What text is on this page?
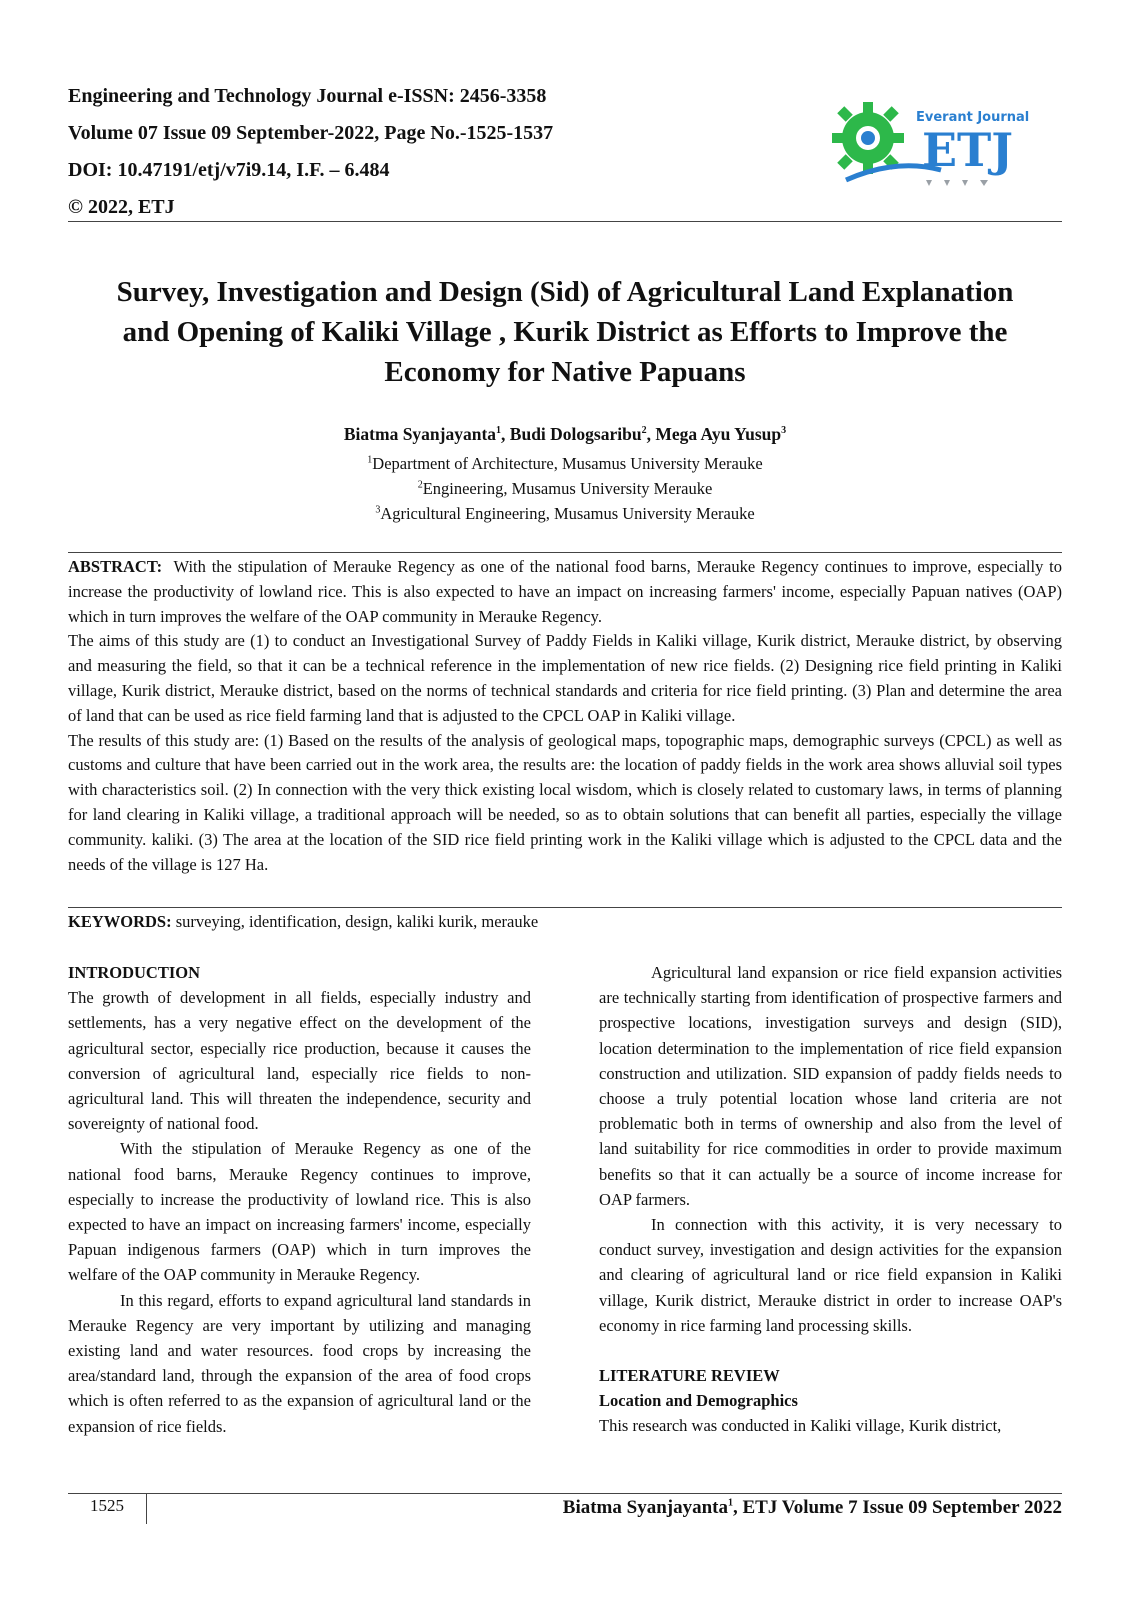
Engineering and Technology Journal e-ISSN: 2456-3358
Volume 07 Issue 09 September-2022, Page No.-1525-1537
DOI: 10.47191/etj/v7i9.14, I.F. – 6.484
© 2022, ETJ
Everant Journal
ETJ
Survey, Investigation and Design (Sid) of Agricultural Land Explanation
and Opening of Kaliki Village , Kurik District as Efforts to Improve the
Economy for Native Papuans
Biatma Syanjayanta$^1$, Budi Dologsaribu$^2$, Mega Ayu Yusup$^3$
$^1$Department of Architecture, Musamus University Merauke
$^2$Engineering, Musamus University Merauke
$^3$Agricultural Engineering, Musamus University Merauke

ABSTRACT: With the stipulation of Merauke Regency as one of the national food barns, Merauke Regency continues to improve, especially to increase the productivity of lowland rice. This is also expected to have an impact on increasing farmers' income, especially Papuan natives (OAP) which in turn improves the welfare of the OAP community in Merauke Regency.

The aims of this study are (1) to conduct an Investigational Survey of Paddy Fields in Kaliki village, Kurik district, Merauke district, by observing and measuring the field, so that it can be a technical reference in the implementation of new rice fields. (2) Designing rice field printing in Kaliki village, Kurik district, Merauke district, based on the norms of technical standards and criteria for rice field printing. (3) Plan and determine the area of land that can be used as rice field farming land that is adjusted to the CPCL OAP in Kaliki village.

The results of this study are: (1) Based on the results of the analysis of geological maps, topographic maps, demographic surveys (CPCL) as well as customs and culture that have been carried out in the work area, the results are: the location of paddy fields in the work area shows alluvial soil types with characteristics soil. (2) In connection with the very thick existing local wisdom, which is closely related to customary laws, in terms of planning for land clearing in Kaliki village, a traditional approach will be needed, so as to obtain solutions that can benefit all parties, especially the village community. kaliki. (3) The area at the location of the SID rice field printing work in the Kaliki village which is adjusted to the CPCL data and the needs of the village is 127 Ha.

KEYWORDS: surveying, identification, design, kaliki kurik, merauke

INTRODUCTION

The growth of development in all fields, especially industry and settlements, has a very negative effect on the development of the agricultural sector, especially rice production, because it causes the conversion of agricultural land, especially rice fields to non-agricultural land. This will threaten the independence, security and sovereignty of national food.

With the stipulation of Merauke Regency as one of the national food barns, Merauke Regency continues to improve, especially to increase the productivity of lowland rice. This is also expected to have an impact on increasing farmers' income, especially Papuan indigenous farmers (OAP) which in turn improves the welfare of the OAP community in Merauke Regency.

In this regard, efforts to expand agricultural land standards in Merauke Regency are very important by utilizing and managing existing land and water resources. food crops by increasing the area/standard land, through the expansion of the area of food crops which is often referred to as the expansion of agricultural land or the expansion of rice fields.

Agricultural land expansion or rice field expansion activities are technically starting from identification of prospective farmers and prospective locations, investigation surveys and design (SID), location determination to the implementation of rice field expansion construction and utilization. SID expansion of paddy fields needs to choose a truly potential location whose land criteria are not problematic both in terms of ownership and also from the level of land suitability for rice commodities in order to provide maximum benefits so that it can actually be a source of income increase for OAP farmers.

In connection with this activity, it is very necessary to conduct survey, investigation and design activities for the expansion and clearing of agricultural land or rice field expansion in Kaliki village, Kurik district, Merauke district in order to increase OAP's economy in rice farming land processing skills.

LITERATURE REVIEW

Location and Demographics

This research was conducted in Kaliki village, Kurik district,

1525	Biatma Syanjayanta$^1$, ETJ Volume 7 Issue 09 September 2022
